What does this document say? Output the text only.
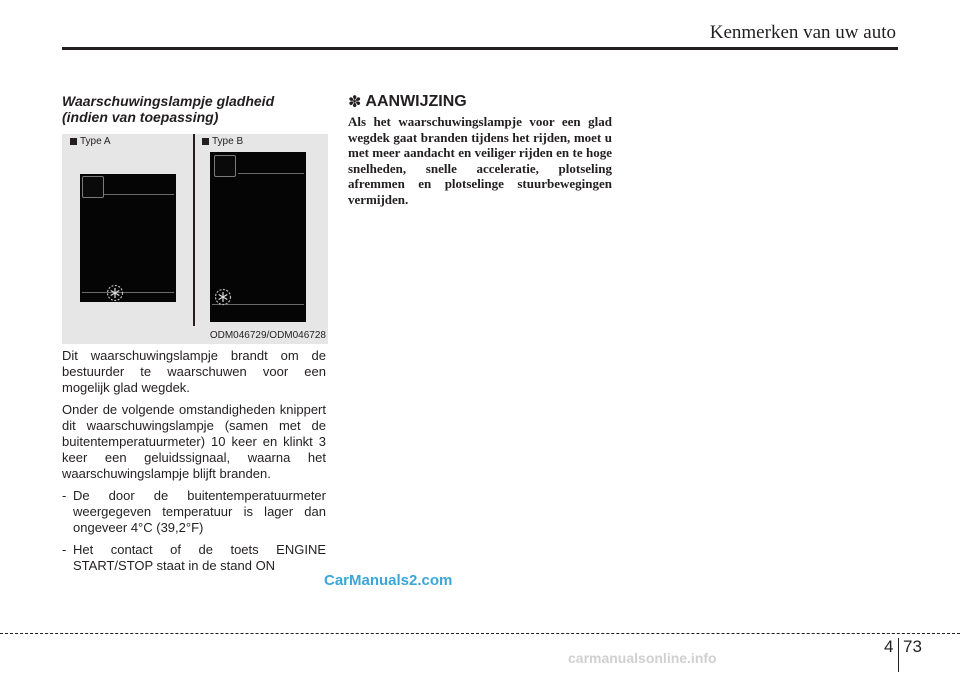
Kenmerken van uw auto
Waarschuwingslampje gladheid
(indien van toepassing)
Type A	Type B
ODM046729/ODM046728

Dit waarschuwingslampje brandt om de bestuurder te waarschuwen voor een mogelijk glad wegdek.

Onder de volgende omstandigheden knippert dit waarschuwingslampje (samen met de buitentemperatuurmeter) 10 keer en klinkt 3 keer een geluidssignaal, waarna het waarschuwingslampje blijft branden.

- De door de buitentemperatuurmeter weergegeven temperatuur is lager dan ongeveer 4°C (39,2°F)
- Het contact of de toets ENGINE START/STOP staat in de stand ON
✽ AANWIJZING
Als het waarschuwingslampje voor een glad wegdek gaat branden tijdens het rijden, moet u met meer aandacht en veiliger rijden en te hoge snelheden, snelle acceleratie, plotseling afremmen en plotselinge stuurbewegingen vermijden.
CarManuals2.com
4 73
carmanualsonline.info
